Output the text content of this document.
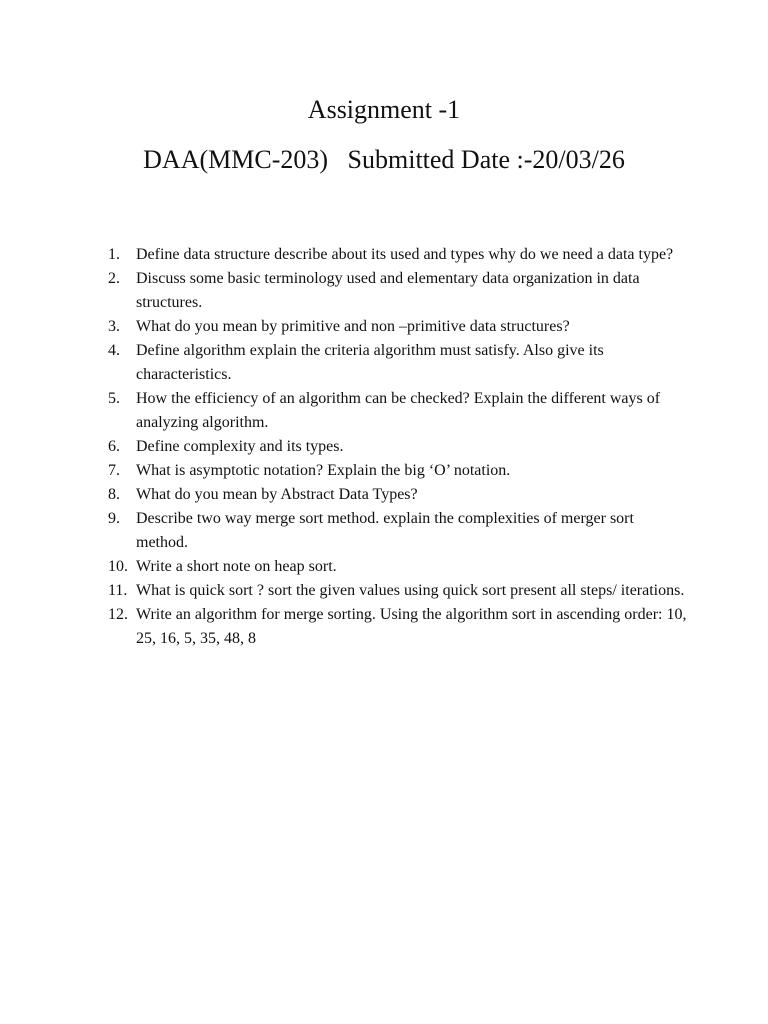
Assignment -1
DAA(MMC-203)   Submitted Date :-20/03/26
1.	Define data structure describe about its used and types why do we need a data type?
2.	Discuss some basic terminology used and elementary data organization in data structures.
3.	What do you mean by primitive and non –primitive data structures?
4.	Define algorithm explain the criteria algorithm must satisfy. Also give its characteristics.
5.	How the efficiency of an algorithm can be checked? Explain the different ways of analyzing algorithm.
6.	Define complexity and its types.
7.	What is asymptotic notation? Explain the big ‘O’ notation.
8.	What do you mean by Abstract Data Types?
9.	Describe two way merge sort method. explain the complexities of merger sort method.
10. Write a short note on heap sort.
11. What is quick sort ? sort the given values using quick sort present all steps/ iterations.
12. Write an algorithm for merge sorting. Using the algorithm sort in ascending order: 10, 25, 16, 5, 35, 48, 8
